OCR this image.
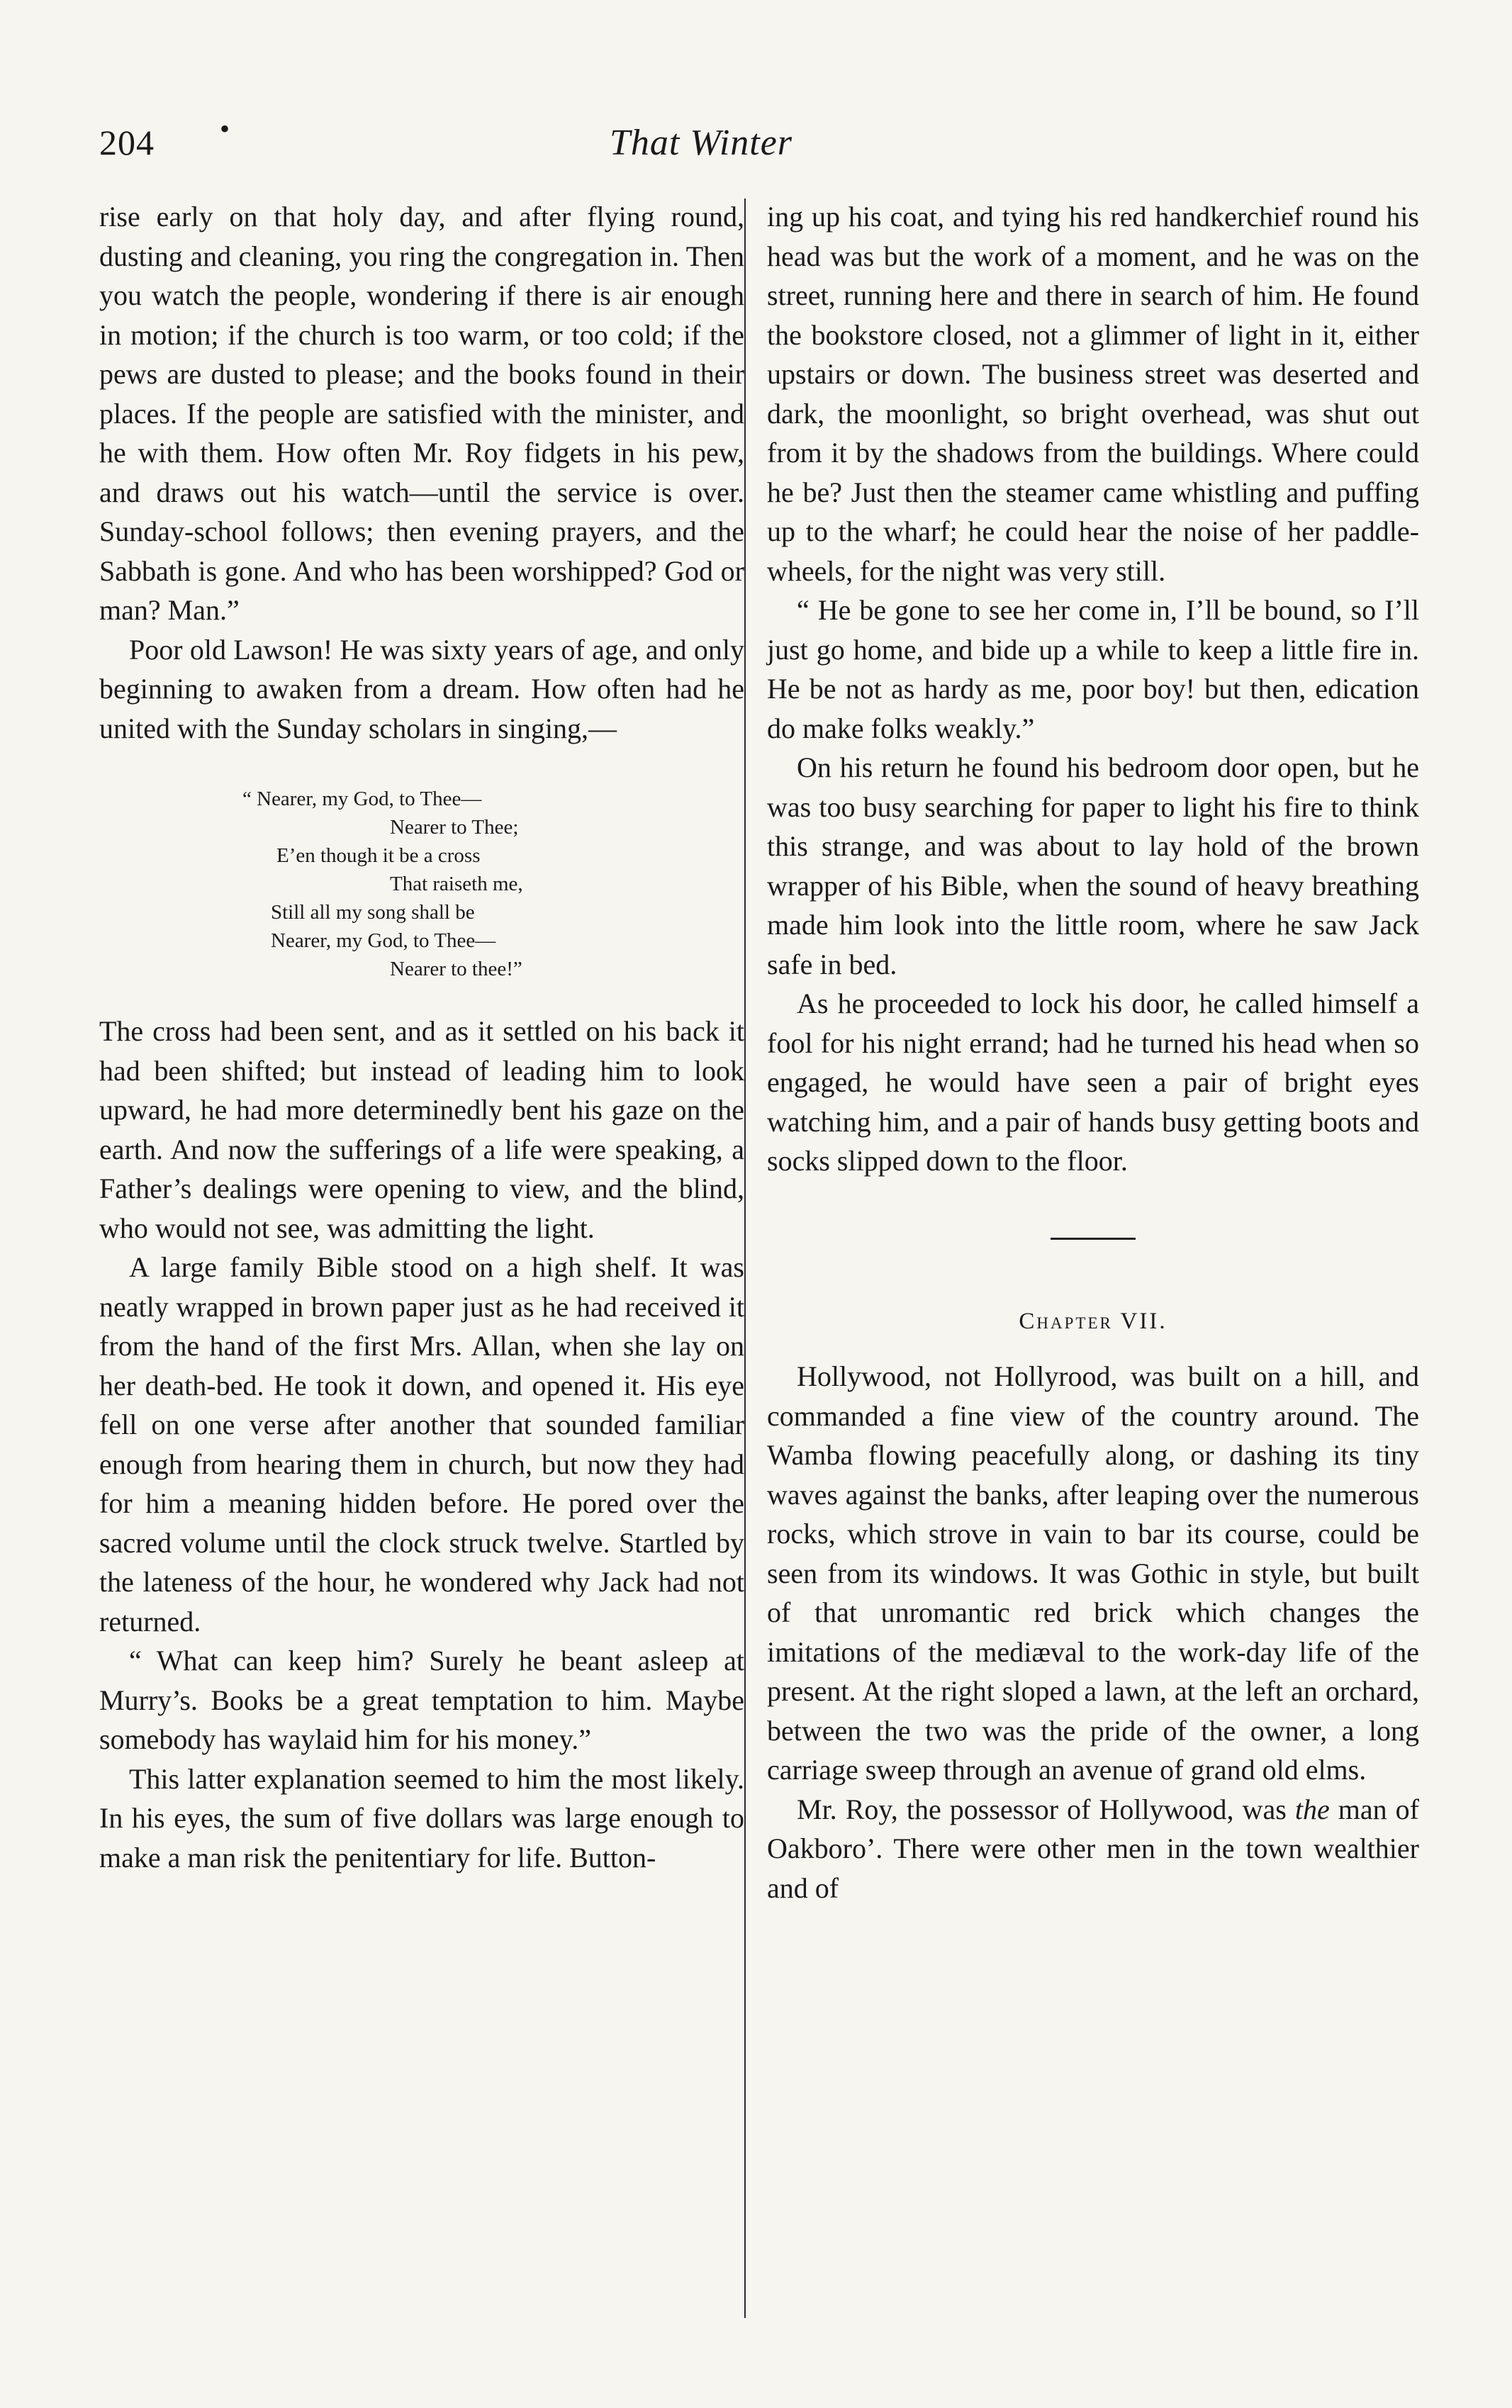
204 •	That Winter

rise early on that holy day, and after flying round, dusting and cleaning, you ring the congregation in. Then you watch the people, wondering if there is air enough in motion; if the church is too warm, or too cold; if the pews are dusted to please; and the books found in their places. If the people are satisfied with the minister, and he with them. How often Mr. Roy fidgets in his pew, and draws out his watch—until the service is over. Sunday-school follows; then evening prayers, and the Sabbath is gone. And who has been worshipped? God or man? Man.”

Poor old Lawson! He was sixty years of age, and only beginning to awaken from a dream. How often had he united with the Sunday scholars in singing,—

“ Nearer, my God, to Thee—
Nearer to Thee;
E’en though it be a cross
That raiseth me,
Still all my song shall be
Nearer, my God, to Thee—
Nearer to thee!”

The cross had been sent, and as it settled on his back it had been shifted; but instead of leading him to look upward, he had more determinedly bent his gaze on the earth. And now the sufferings of a life were speaking, a Father’s dealings were opening to view, and the blind, who would not see, was admitting the light.

A large family Bible stood on a high shelf. It was neatly wrapped in brown paper just as he had received it from the hand of the first Mrs. Allan, when she lay on her death-bed. He took it down, and opened it. His eye fell on one verse after another that sounded familiar enough from hearing them in church, but now they had for him a meaning hidden before. He pored over the sacred volume until the clock struck twelve. Startled by the lateness of the hour, he wondered why Jack had not returned.

“ What can keep him? Surely he beant asleep at Murry’s. Books be a great temptation to him. Maybe somebody has waylaid him for his money.”

This latter explanation seemed to him the most likely. In his eyes, the sum of five dollars was large enough to make a man risk the penitentiary for life. Button-

ing up his coat, and tying his red handkerchief round his head was but the work of a moment, and he was on the street, running here and there in search of him. He found the bookstore closed, not a glimmer of light in it, either upstairs or down. The business street was deserted and dark, the moonlight, so bright overhead, was shut out from it by the shadows from the buildings. Where could he be? Just then the steamer came whistling and puffing up to the wharf; he could hear the noise of her paddle-wheels, for the night was very still.

“ He be gone to see her come in, I’ll be bound, so I’ll just go home, and bide up a while to keep a little fire in. He be not as hardy as me, poor boy! but then, edication do make folks weakly.”

On his return he found his bedroom door open, but he was too busy searching for paper to light his fire to think this strange, and was about to lay hold of the brown wrapper of his Bible, when the sound of heavy breathing made him look into the little room, where he saw Jack safe in bed.

As he proceeded to lock his door, he called himself a fool for his night errand; had he turned his head when so engaged, he would have seen a pair of bright eyes watching him, and a pair of hands busy getting boots and socks slipped down to the floor.

Chapter VII.

Hollywood, not Hollyrood, was built on a hill, and commanded a fine view of the country around. The Wamba flowing peacefully along, or dashing its tiny waves against the banks, after leaping over the numerous rocks, which strove in vain to bar its course, could be seen from its windows. It was Gothic in style, but built of that unromantic red brick which changes the imitations of the mediæval to the work-day life of the present. At the right sloped a lawn, at the left an orchard, between the two was the pride of the owner, a long carriage sweep through an avenue of grand old elms.

Mr. Roy, the possessor of Hollywood, was the man of Oakboro’. There were other men in the town wealthier and of
